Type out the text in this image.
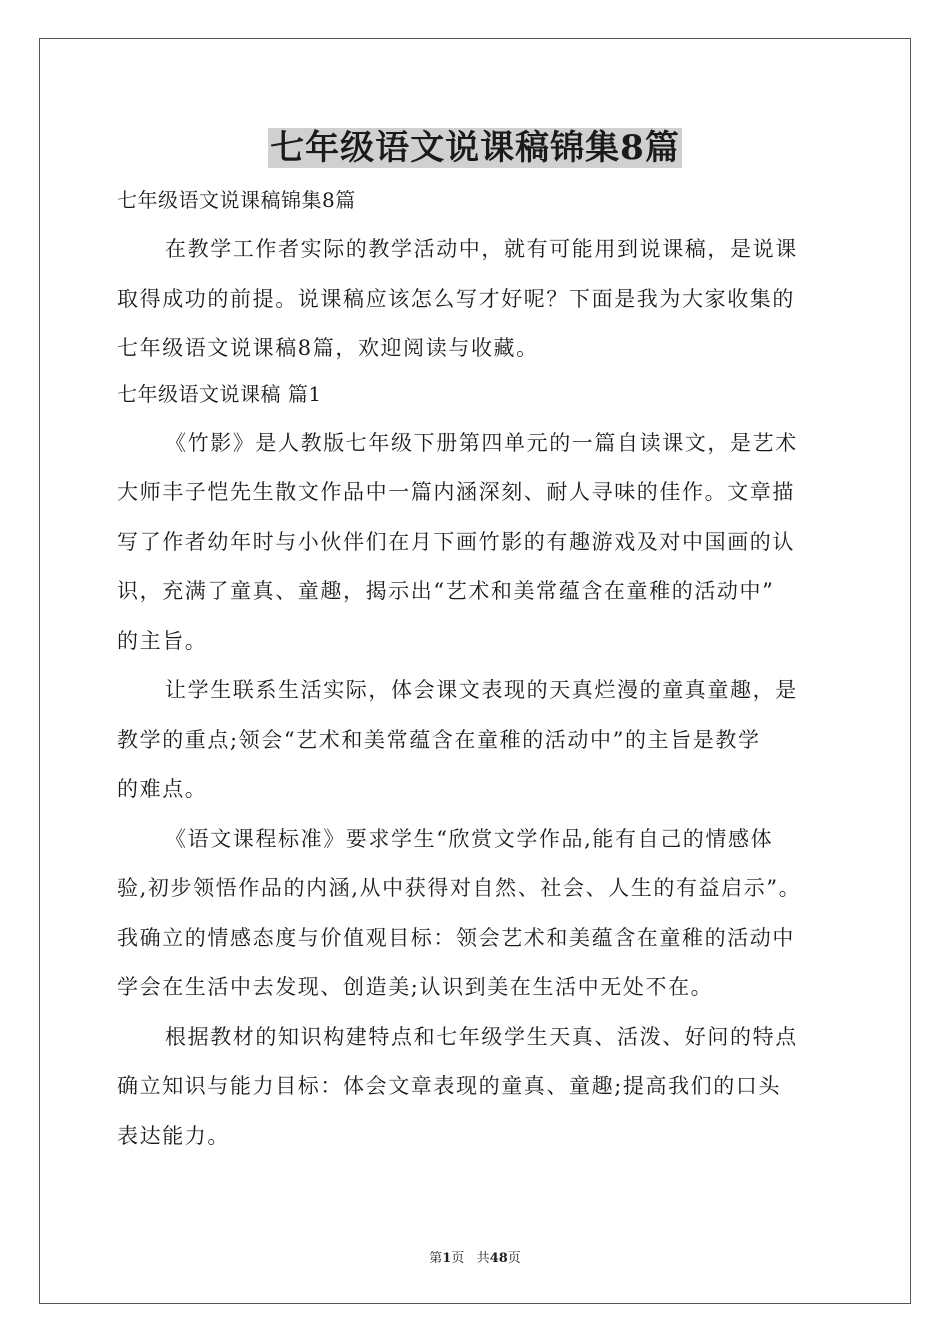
七年级语文说课稿锦集8篇
七年级语文说课稿锦集8篇
在教学工作者实际的教学活动中，就有可能用到说课稿，是说课
取得成功的前提。说课稿应该怎么写才好呢？下面是我为大家收集的
七年级语文说课稿8篇，欢迎阅读与收藏。
七年级语文说课稿 篇1
《竹影》是人教版七年级下册第四单元的一篇自读课文，是艺术
大师丰子恺先生散文作品中一篇内涵深刻、耐人寻味的佳作。文章描
写了作者幼年时与小伙伴们在月下画竹影的有趣游戏及对中国画的认
识，充满了童真、童趣，揭示出“艺术和美常蕴含在童稚的活动中”
的主旨。
让学生联系生活实际，体会课文表现的天真烂漫的童真童趣，是
教学的重点;领会“艺术和美常蕴含在童稚的活动中”的主旨是教学
的难点。
《语文课程标准》要求学生“欣赏文学作品,能有自己的情感体
验,初步领悟作品的内涵,从中获得对自然、社会、人生的有益启示”。
我确立的情感态度与价值观目标：领会艺术和美蕴含在童稚的活动中
学会在生活中去发现、创造美;认识到美在生活中无处不在。
根据教材的知识构建特点和七年级学生天真、活泼、好问的特点
确立知识与能力目标：体会文章表现的童真、童趣;提高我们的口头
表达能力。
第1页 共48页
